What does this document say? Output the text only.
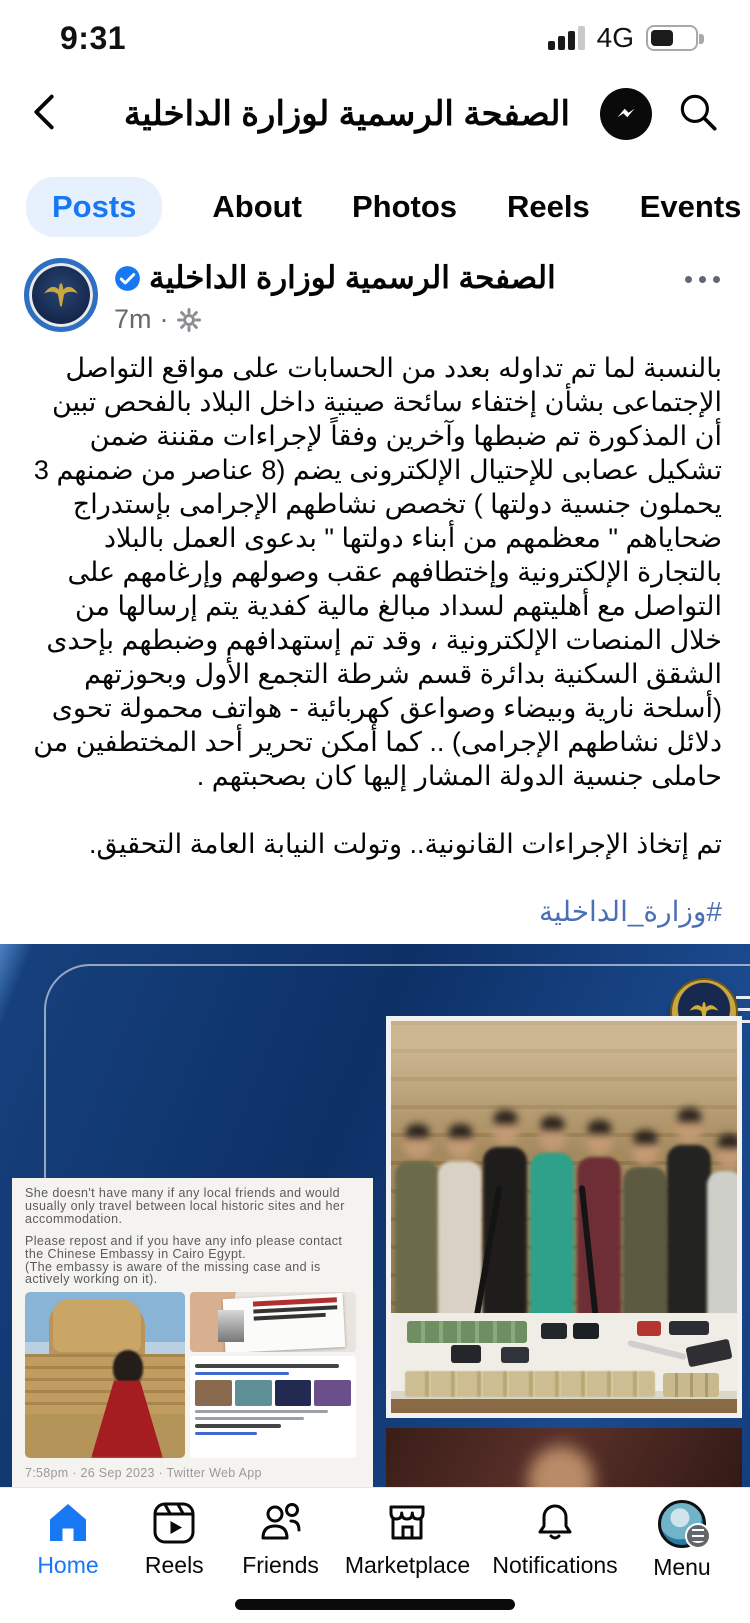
9:31	4G
الصفحة الرسمية لوزارة الداخلية
Posts	About Photos Reels Events
الصفحة الرسمية لوزارة الداخلية
7m ·

بالنسبة لما تم تداوله بعدد من الحسابات على مواقع التواصل الإجتماعى بشأن إختفاء سائحة صينية داخل البلاد بالفحص تبين أن المذكورة تم ضبطها وآخرين وفقاً لإجراءات مقننة ضمن تشكيل عصابى للإحتيال الإلكترونى يضم (8 عناصر من ضمنهم 3 يحملون جنسية دولتها ) تخصص نشاطهم الإجرامى بإستدراج ضحاياهم " معظمهم من أبناء دولتها " بدعوى العمل بالبلاد بالتجارة الإلكترونية وإختطافهم عقب وصولهم وإرغامهم على التواصل مع أهليتهم لسداد مبالغ مالية كفدية يتم إرسالها من خلال المنصات الإلكترونية ، وقد تم إستهدافهم وضبطهم بإحدى الشقق السكنية بدائرة قسم شرطة التجمع الأول وبحوزتهم (أسلحة نارية وبيضاء وصواعق كهربائية - هواتف محمولة تحوى دلائل نشاطهم الإجرامى) .. كما أمكن تحرير أحد المختطفين من حاملى جنسية الدولة المشار إليها كان بصحبتهم .

تم إتخاذ الإجراءات القانونية.. وتولت النيابة العامة التحقيق.

#وزارة_الداخلية

She doesn't have many if any local friends and would usually only travel between local historic sites and her accommodation.

Please repost and if you have any info please contact the Chinese Embassy in Cairo Egypt.

(The embassy is aware of the missing case and is actively working on it).

7:58pm · 26 Sep 2023 · Twitter Web App
Home Reels Friends Marketplace Notifications Menu
